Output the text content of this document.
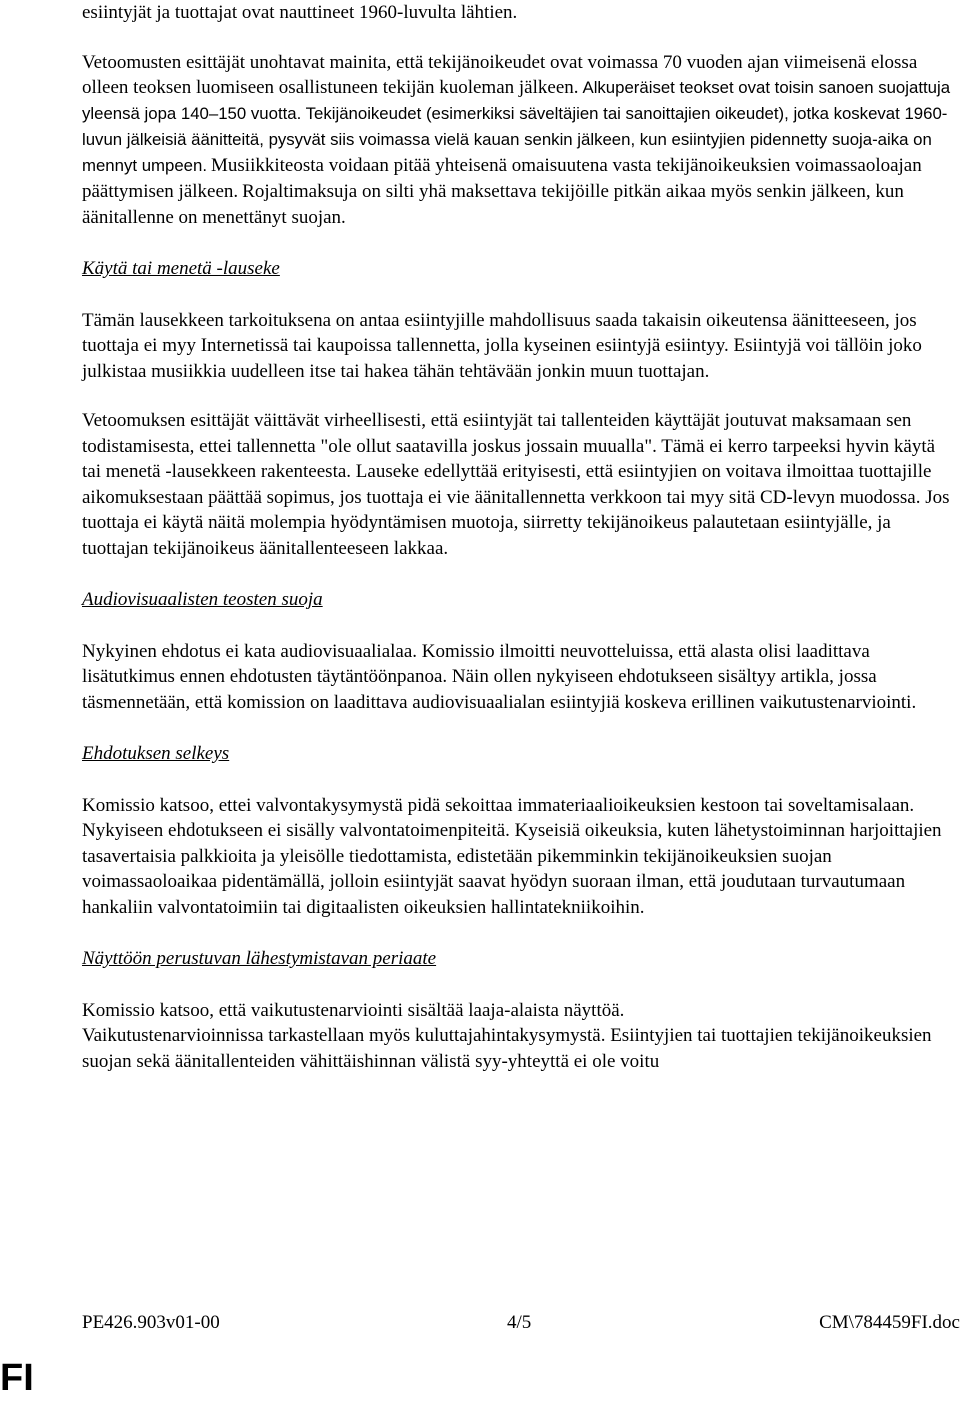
esiintyjät ja tuottajat ovat nauttineet 1960-luvulta lähtien.

Vetoomusten esittäjät unohtavat mainita, että tekijänoikeudet ovat voimassa 70 vuoden ajan viimeisenä elossa olleen teoksen luomiseen osallistuneen tekijän kuoleman jälkeen. Alkuperäiset teokset ovat toisin sanoen suojattuja yleensä jopa 140–150 vuotta. Tekijänoikeudet (esimerkiksi säveltäjien tai sanoittajien oikeudet), jotka koskevat 1960-luvun jälkeisiä äänitteitä, pysyvät siis voimassa vielä kauan senkin jälkeen, kun esiintyjien pidennetty suoja-aika on mennyt umpeen. Musiikkiteosta voidaan pitää yhteisenä omaisuutena vasta tekijänoikeuksien voimassaoloajan päättymisen jälkeen. Rojaltimaksuja on silti yhä maksettava tekijöille pitkän aikaa myös senkin jälkeen, kun äänitallenne on menettänyt suojan.

Käytä tai menetä -lauseke

Tämän lausekkeen tarkoituksena on antaa esiintyjille mahdollisuus saada takaisin oikeutensa äänitteeseen, jos tuottaja ei myy Internetissä tai kaupoissa tallennetta, jolla kyseinen esiintyjä esiintyy. Esiintyjä voi tällöin joko julkistaa musiikkia uudelleen itse tai hakea tähän tehtävään jonkin muun tuottajan.

Vetoomuksen esittäjät väittävät virheellisesti, että esiintyjät tai tallenteiden käyttäjät joutuvat maksamaan sen todistamisesta, ettei tallennetta "ole ollut saatavilla joskus jossain muualla". Tämä ei kerro tarpeeksi hyvin käytä tai menetä -lausekkeen rakenteesta. Lauseke edellyttää erityisesti, että esiintyjien on voitava ilmoittaa tuottajille aikomuksestaan päättää sopimus, jos tuottaja ei vie äänitallennetta verkkoon tai myy sitä CD-levyn muodossa. Jos tuottaja ei käytä näitä molempia hyödyntämisen muotoja, siirretty tekijänoikeus palautetaan esiintyjälle, ja tuottajan tekijänoikeus äänitallenteeseen lakkaa.

Audiovisuaalisten teosten suoja

Nykyinen ehdotus ei kata audiovisuaalialaa. Komissio ilmoitti neuvotteluissa, että alasta olisi laadittava lisätutkimus ennen ehdotusten täytäntöönpanoa. Näin ollen nykyiseen ehdotukseen sisältyy artikla, jossa täsmennetään, että komission on laadittava audiovisuaalialan esiintyjiä koskeva erillinen vaikutustenarviointi.

Ehdotuksen selkeys

Komissio katsoo, ettei valvontakysymystä pidä sekoittaa immateriaalioikeuksien kestoon tai soveltamisalaan. Nykyiseen ehdotukseen ei sisälly valvontatoimenpiteitä. Kyseisiä oikeuksia, kuten lähetystoiminnan harjoittajien tasavertaisia palkkioita ja yleisölle tiedottamista, edistetään pikemminkin tekijänoikeuksien suojan voimassaoloaikaa pidentämällä, jolloin esiintyjät saavat hyödyn suoraan ilman, että joudutaan turvautumaan hankaliin valvontatoimiin tai digitaalisten oikeuksien hallintatekniikoihin.

Näyttöön perustuvan lähestymistavan periaate

Komissio katsoo, että vaikutustenarviointi sisältää laaja-alaista näyttöä.
Vaikutustenarvioinnissa tarkastellaan myös kuluttajahintakysymystä. Esiintyjien tai tuottajien tekijänoikeuksien suojan sekä äänitallenteiden vähittäishinnan välistä syy-yhteyttä ei ole voitu

PE426.903v01-00	4/5	CM\784459FI.doc
FI
